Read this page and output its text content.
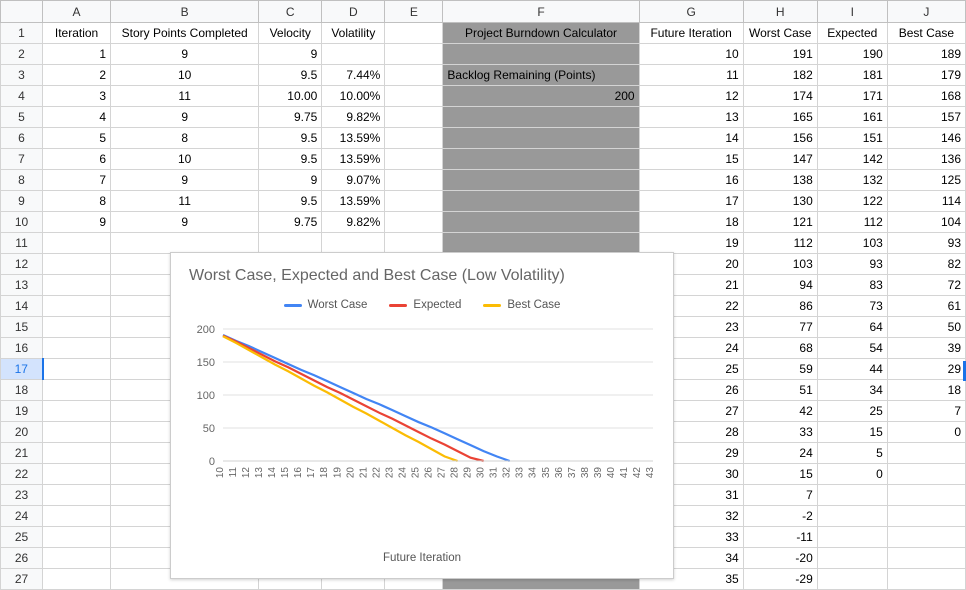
	A	B	C	D	E	F	G	H	I	J
1	Iteration	Story Points Completed	Velocity	Volatility		Project Burndown Calculator	Future Iteration	Worst Case	Expected	Best Case
2	1	9	9				10	191	190	189
3	2	10	9.5	7.44%		Backlog Remaining (Points)	11	182	181	179
4	3	11	10.00	10.00%		200	12	174	171	168
5	4	9	9.75	9.82%			13	165	161	157
6	5	8	9.5	13.59%			14	156	151	146
7	6	10	9.5	13.59%			15	147	142	136
8	7	9	9	9.07%			16	138	132	125
9	8	11	9.5	13.59%			17	130	122	114
10	9	9	9.75	9.82%			18	121	112	104
11							19	112	103	93
12							20	103	93	82
13							21	94	83	72
14							22	86	73	61
15							23	77	64	50
16							24	68	54	39
17							25	59	44	29
18							26	51	34	18
19							27	42	25	7
20							28	33	15	0
21							29	24	5	
22							30	15	0	
23							31	7		
24							32	-2		
25							33	-11		
26							34	-20		
27							35	-29		
Worst Case, Expected and Best Case (Low Volatility)
Worst Case	Expected	Best Case
0
50
100
150
200
10 11 12 13 14 15 16 17 18 19 20 21 22 23 24 25 26 27 28 29 30 31 32 33 34 35 36 37 38 39 40 41 42 43
Future Iteration
